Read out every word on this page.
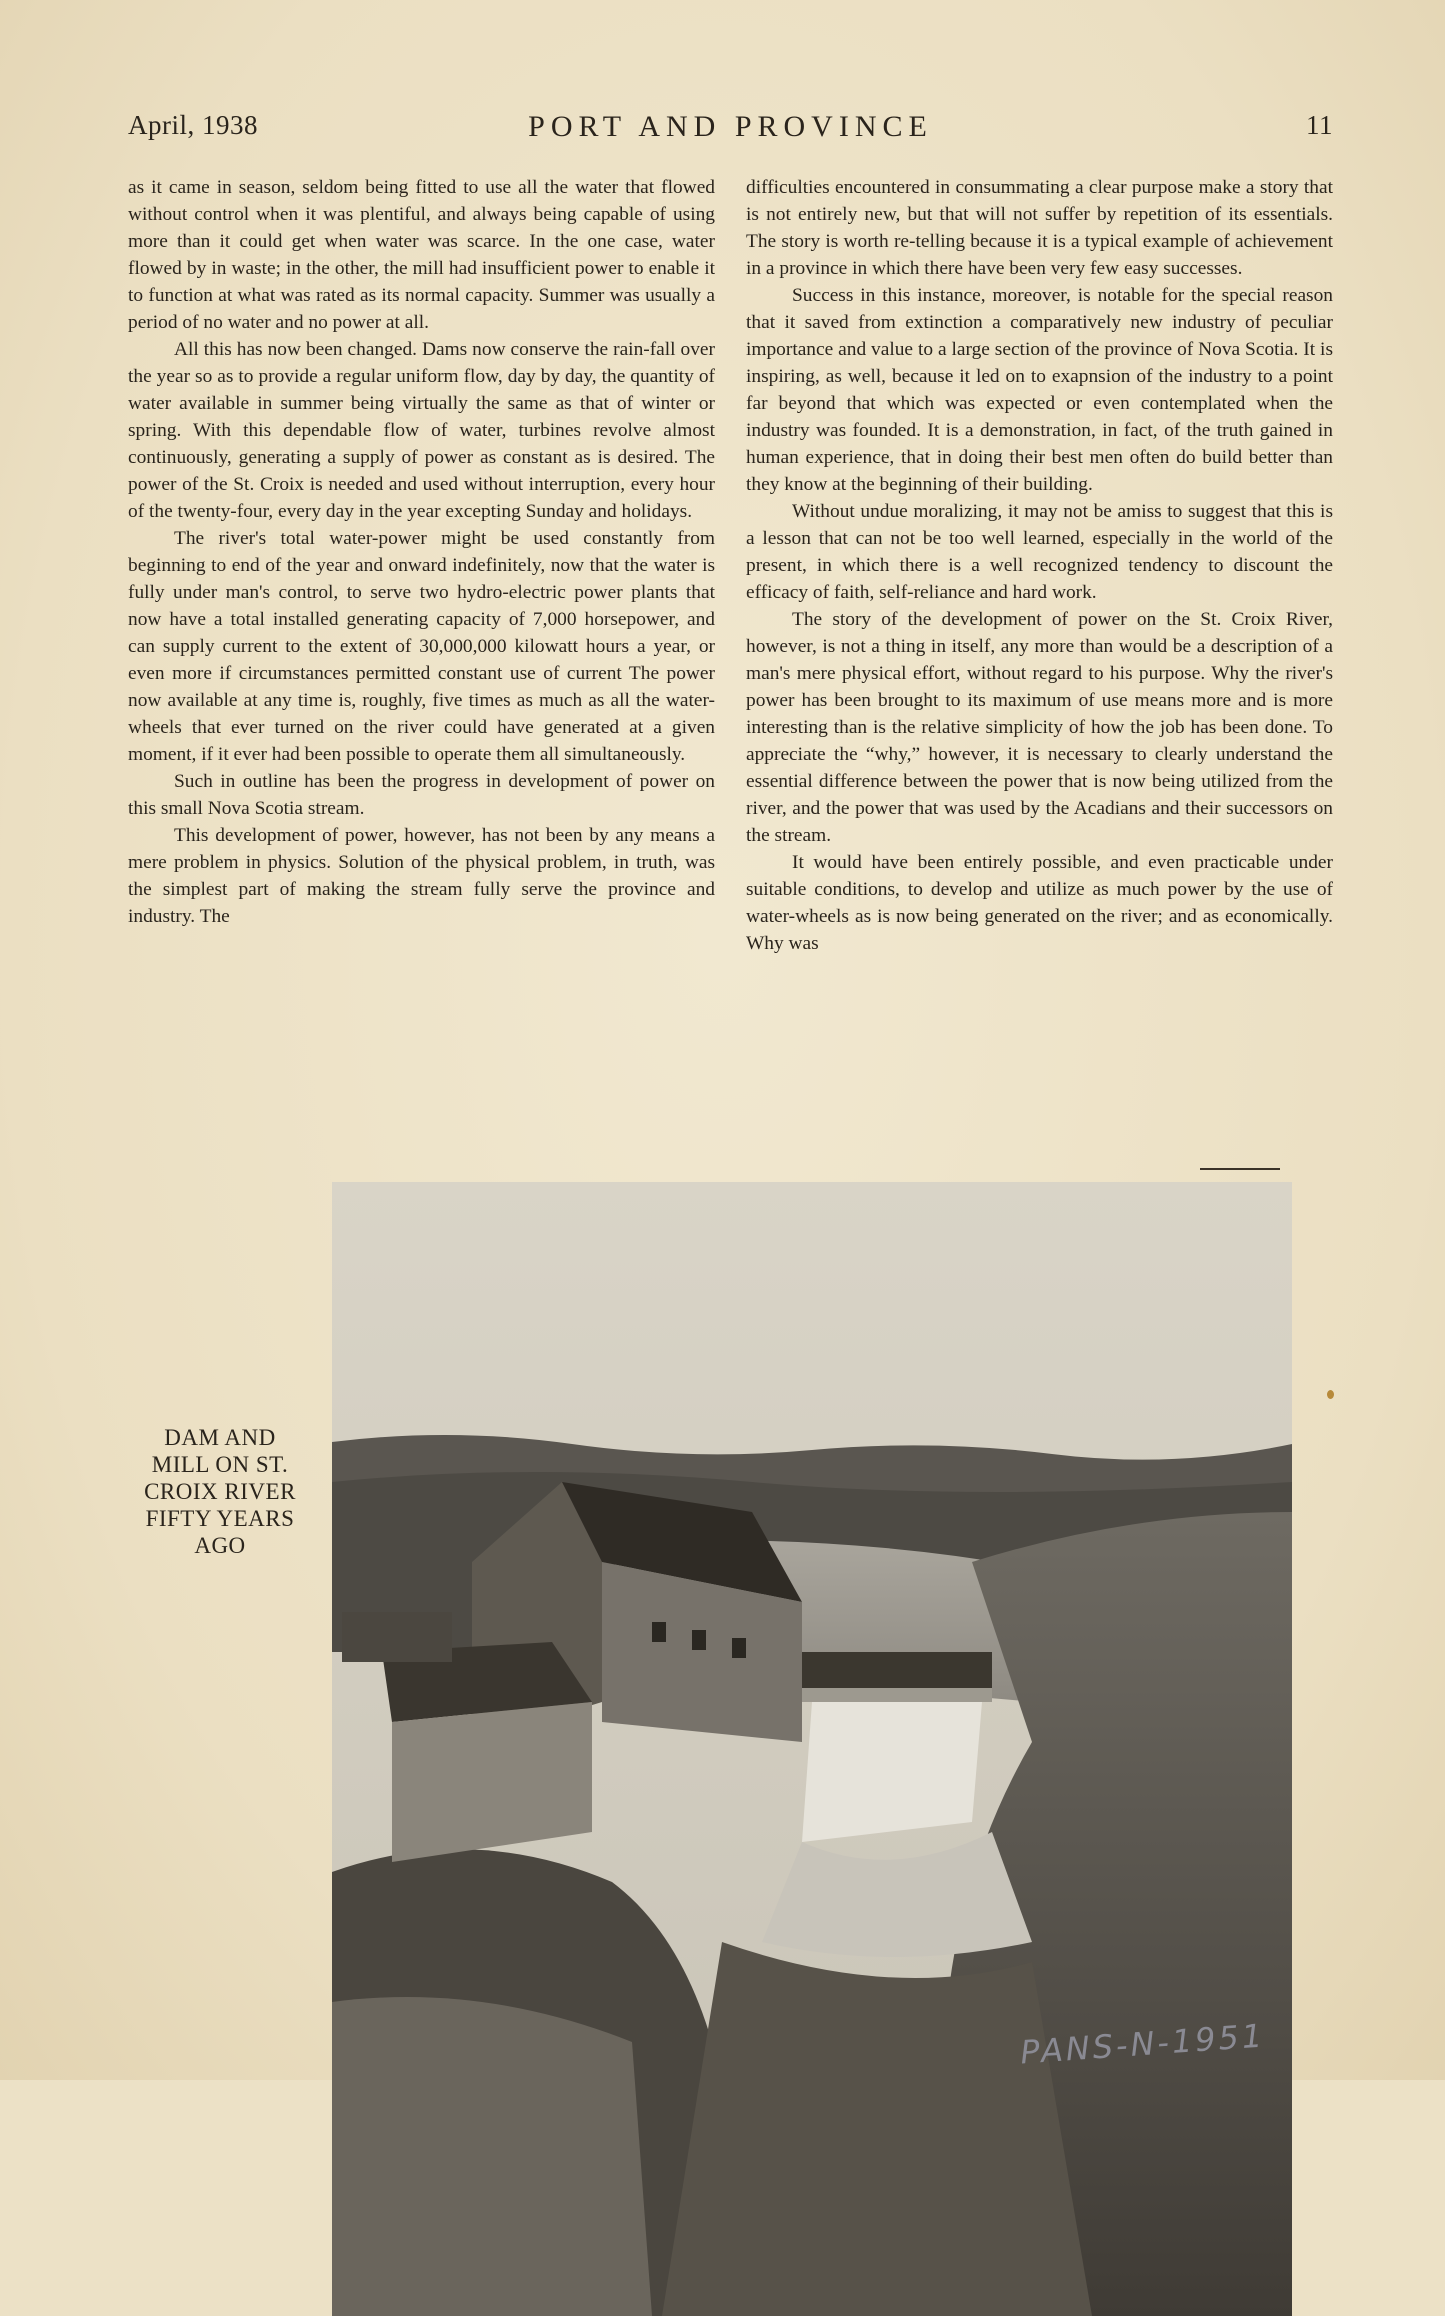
April, 1938	PORT AND PROVINCE	11

as it came in season, seldom being fitted to use all the water that flowed without control when it was plentiful, and always being capable of using more than it could get when water was scarce. In the one case, water flowed by in waste; in the other, the mill had insufficient power to enable it to function at what was rated as its normal capacity. Summer was usually a period of no water and no power at all.

All this has now been changed. Dams now conserve the rain-fall over the year so as to provide a regular uniform flow, day by day, the quantity of water available in summer being virtually the same as that of winter or spring. With this dependable flow of water, turbines revolve almost continuously, generating a supply of power as constant as is desired. The power of the St. Croix is needed and used without interruption, every hour of the twenty-four, every day in the year excepting Sunday and holidays.

The river's total water-power might be used constantly from beginning to end of the year and onward indefinitely, now that the water is fully under man's control, to serve two hydro-electric power plants that now have a total installed generating capacity of 7,000 horsepower, and can supply current to the extent of 30,000,000 kilowatt hours a year, or even more if circumstances permitted constant use of current The power now available at any time is, roughly, five times as much as all the water-wheels that ever turned on the river could have generated at a given moment, if it ever had been possible to operate them all simultaneously.

Such in outline has been the progress in development of power on this small Nova Scotia stream.

This development of power, however, has not been by any means a mere problem in physics. Solution of the physical problem, in truth, was the simplest part of making the stream fully serve the province and industry. The

difficulties encountered in consummating a clear purpose make a story that is not entirely new, but that will not suffer by repetition of its essentials. The story is worth re-telling because it is a typical example of achievement in a province in which there have been very few easy successes.

Success in this instance, moreover, is notable for the special reason that it saved from extinction a comparatively new industry of peculiar importance and value to a large section of the province of Nova Scotia. It is inspiring, as well, because it led on to exapnsion of the industry to a point far beyond that which was expected or even contemplated when the industry was founded. It is a demonstration, in fact, of the truth gained in human experience, that in doing their best men often do build better than they know at the beginning of their building.

Without undue moralizing, it may not be amiss to suggest that this is a lesson that can not be too well learned, especially in the world of the present, in which there is a well recognized tendency to discount the efficacy of faith, self-reliance and hard work.

The story of the development of power on the St. Croix River, however, is not a thing in itself, any more than would be a description of a man's mere physical effort, without regard to his purpose. Why the river's power has been brought to its maximum of use means more and is more interesting than is the relative simplicity of how the job has been done. To appreciate the “why,” however, it is necessary to clearly understand the essential difference between the power that is now being utilized from the river, and the power that was used by the Acadians and their successors on the stream.

It would have been entirely possible, and even practicable under suitable conditions, to develop and utilize as much power by the use of water-wheels as is now being generated on the river; and as economically. Why was

DAM AND
MILL ON ST.
CROIX RIVER
FIFTY YEARS
AGO
PANS-N-1951
